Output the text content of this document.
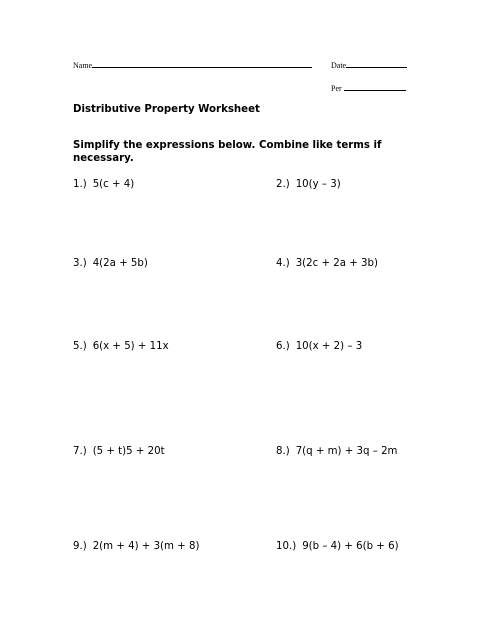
Name	Date
Per
Distributive Property Worksheet
Simplify the expressions below. Combine like terms if necessary.
1.) 5(c + 4)	2.) 10(y – 3)
3.) 4(2a + 5b)	4.) 3(2c + 2a + 3b)
5.) 6(x + 5) + 11x	6.) 10(x + 2) – 3
7.) (5 + t)5 + 20t	8.) 7(q + m) + 3q – 2m
9.) 2(m + 4) + 3(m + 8)	10.) 9(b – 4) + 6(b + 6)
